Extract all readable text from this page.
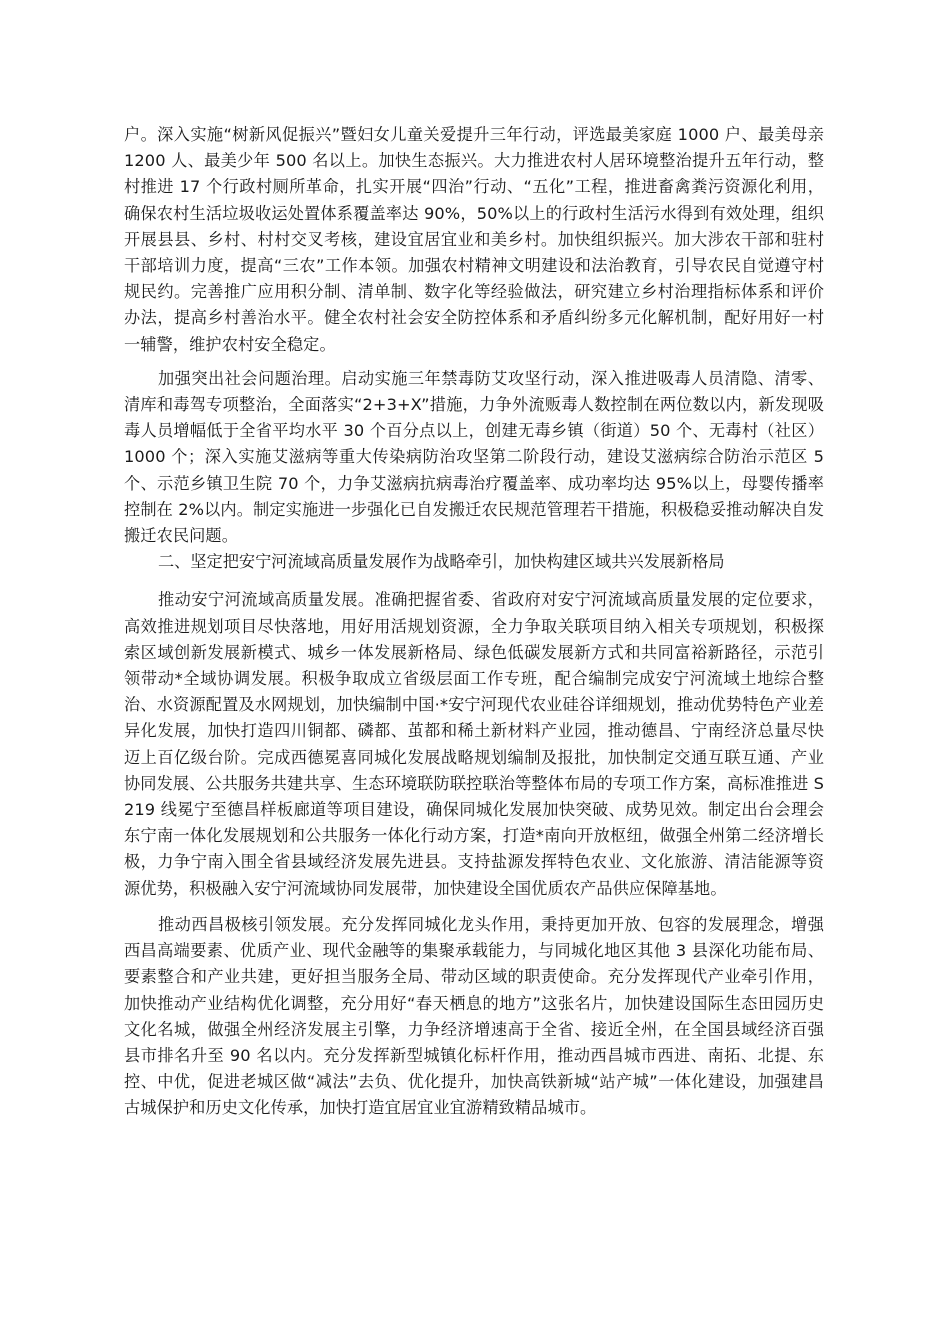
户。深入实施“树新风促振兴”暨妇女儿童关爱提升三年行动，评选最美家庭 1000 户、最美母亲 1200 人、最美少年 500 名以上。加快生态振兴。大力推进农村人居环境整治提升五年行动，整村推进 17 个行政村厕所革命，扎实开展“四治”行动、“五化”工程，推进畜禽粪污资源化利用，确保农村生活垃圾收运处置体系覆盖率达 90%，50%以上的行政村生活污水得到有效处理，组织开展县县、乡村、村村交叉考核，建设宜居宜业和美乡村。加快组织振兴。加大涉农干部和驻村干部培训力度，提高“三农”工作本领。加强农村精神文明建设和法治教育，引导农民自觉遵守村规民约。完善推广应用积分制、清单制、数字化等经验做法，研究建立乡村治理指标体系和评价办法，提高乡村善治水平。健全农村社会安全防控体系和矛盾纠纷多元化解机制，配好用好一村一辅警，维护农村安全稳定。

加强突出社会问题治理。启动实施三年禁毒防艾攻坚行动，深入推进吸毒人员清隐、清零、清库和毒驾专项整治，全面落实“2+3+X”措施，力争外流贩毒人数控制在两位数以内，新发现吸毒人员增幅低于全省平均水平 30 个百分点以上，创建无毒乡镇（街道）50 个、无毒村（社区）1000 个；深入实施艾滋病等重大传染病防治攻坚第二阶段行动，建设艾滋病综合防治示范区 5 个、示范乡镇卫生院 70 个，力争艾滋病抗病毒治疗覆盖率、成功率均达 95%以上，母婴传播率控制在 2%以内。制定实施进一步强化已自发搬迁农民规范管理若干措施，积极稳妥推动解决自发搬迁农民问题。

二、坚定把安宁河流域高质量发展作为战略牵引，加快构建区域共兴发展新格局

推动安宁河流域高质量发展。准确把握省委、省政府对安宁河流域高质量发展的定位要求，高效推进规划项目尽快落地，用好用活规划资源，全力争取关联项目纳入相关专项规划，积极探索区域创新发展新模式、城乡一体发展新格局、绿色低碳发展新方式和共同富裕新路径，示范引领带动*全域协调发展。积极争取成立省级层面工作专班，配合编制完成安宁河流域土地综合整治、水资源配置及水网规划，加快编制中国·*安宁河现代农业硅谷详细规划，推动优势特色产业差异化发展，加快打造四川铜都、磷都、茧都和稀土新材料产业园，推动德昌、宁南经济总量尽快迈上百亿级台阶。完成西德冕喜同城化发展战略规划编制及报批，加快制定交通互联互通、产业协同发展、公共服务共建共享、生态环境联防联控联治等整体布局的专项工作方案，高标准推进 S219 线冕宁至德昌样板廊道等项目建设，确保同城化发展加快突破、成势见效。制定出台会理会东宁南一体化发展规划和公共服务一体化行动方案，打造*南向开放枢纽，做强全州第二经济增长极，力争宁南入围全省县域经济发展先进县。支持盐源发挥特色农业、文化旅游、清洁能源等资源优势，积极融入安宁河流域协同发展带，加快建设全国优质农产品供应保障基地。

推动西昌极核引领发展。充分发挥同城化龙头作用，秉持更加开放、包容的发展理念，增强西昌高端要素、优质产业、现代金融等的集聚承载能力，与同城化地区其他 3 县深化功能布局、要素整合和产业共建，更好担当服务全局、带动区域的职责使命。充分发挥现代产业牵引作用，加快推动产业结构优化调整，充分用好“春天栖息的地方”这张名片，加快建设国际生态田园历史文化名城，做强全州经济发展主引擎，力争经济增速高于全省、接近全州，在全国县域经济百强县市排名升至 90 名以内。充分发挥新型城镇化标杆作用，推动西昌城市西进、南拓、北提、东控、中优，促进老城区做“减法”去负、优化提升，加快高铁新城“站产城”一体化建设，加强建昌古城保护和历史文化传承，加快打造宜居宜业宜游精致精品城市。
